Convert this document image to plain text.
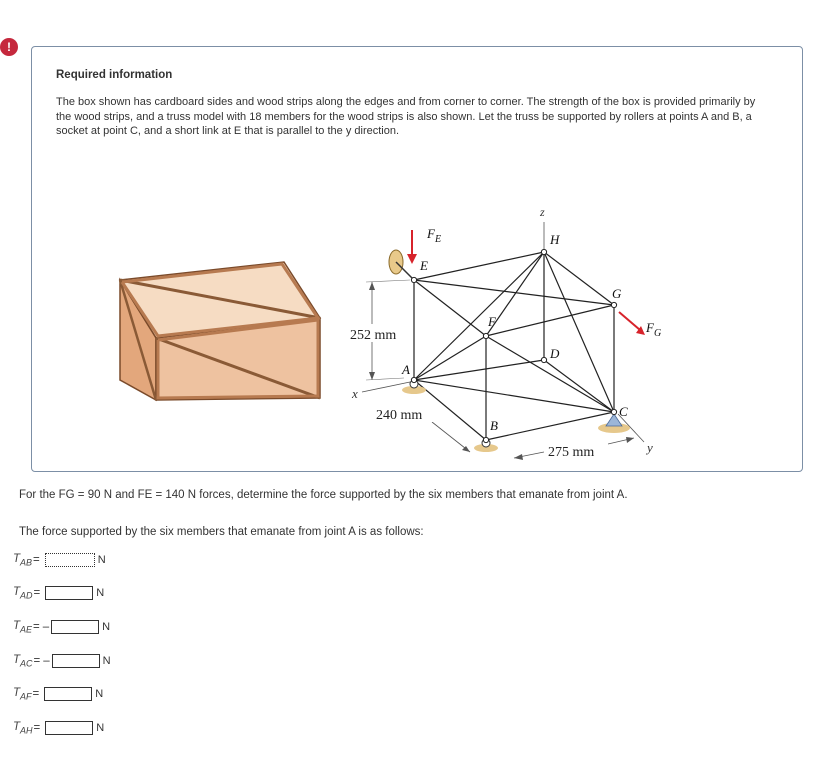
!
Required information
The box shown has cardboard sides and wood strips along the edges and from corner to corner. The strength of the box is provided primarily by the wood strips, and a truss model with 18 members for the wood strips is also shown. Let the truss be supported by rollers at points A and B, a socket at point C, and a short link at E that is parallel to the y direction.
252 mm
z
x
y
E
H
G
F
D
A
B
C
$F_E$
$F_G$
240 mm
275 mm
For the FG = 90 N and FE = 140 N forces, determine the force supported by the six members that emanate from joint A.
The force supported by the six members that emanate from joint A is as follows:
$T_{AB}$ =	N
$T_{AD}$ =	N
$T_{AE}$ = –	N
$T_{AC}$ = –	N
$T_{AF}$ =	N
$T_{AH}$ =	N
